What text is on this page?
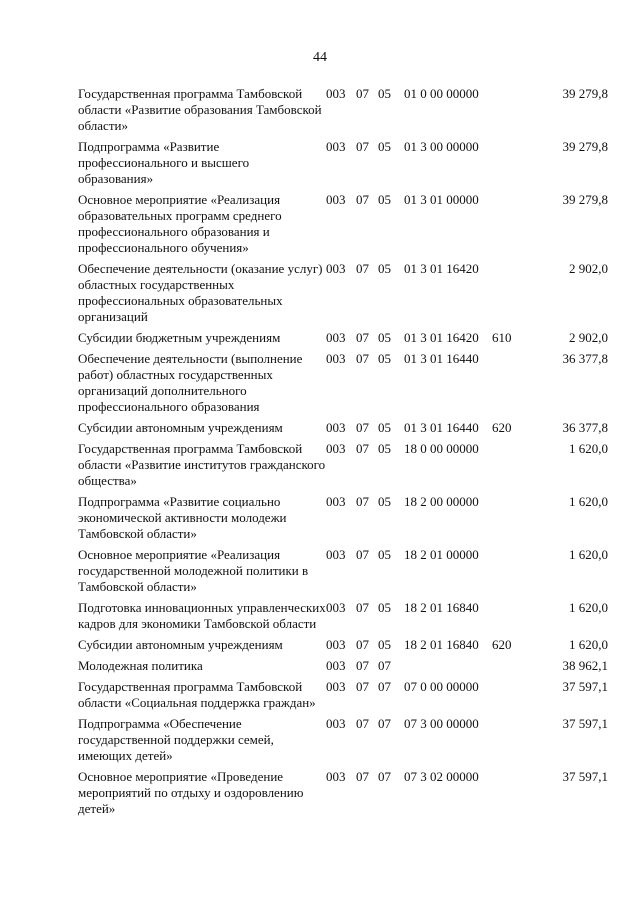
44
Государственная программа Тамбовской области «Развитие образования Тамбовской области»	003	07	05	01 0 00 00000		39 279,8

Подпрограмма «Развитие профессионального и высшего образования»	003	07	05	01 3 00 00000		39 279,8

Основное мероприятие «Реализация образовательных программ среднего профессионального образования и профессионального обучения»	003	07	05	01 3 01 00000		39 279,8

Обеспечение деятельности (оказание услуг) областных государственных профессиональных образовательных организаций	003	07	05	01 3 01 16420		2 902,0

Субсидии бюджетным учреждениям	003	07	05	01 3 01 16420	610	2 902,0

Обеспечение деятельности (выполнение работ) областных государственных организаций дополнительного профессионального образования	003	07	05	01 3 01 16440		36 377,8

Субсидии автономным учреждениям	003	07	05	01 3 01 16440	620	36 377,8

Государственная программа Тамбовской области «Развитие институтов гражданского общества»	003	07	05	18 0 00 00000		1 620,0

Подпрограмма «Развитие социально экономической активности молодежи Тамбовской области»	003	07	05	18 2 00 00000		1 620,0

Основное мероприятие «Реализация государственной молодежной политики в Тамбовской области»	003	07	05	18 2 01 00000		1 620,0

Подготовка инновационных управленческих кадров для экономики Тамбовской области	003	07	05	18 2 01 16840		1 620,0

Субсидии автономным учреждениям	003	07	05	18 2 01 16840	620	1 620,0

Молодежная политика	003	07	07			38 962,1

Государственная программа Тамбовской области «Социальная поддержка граждан»	003	07	07	07 0 00 00000		37 597,1

Подпрограмма «Обеспечение государственной поддержки семей, имеющих детей»	003	07	07	07 3 00 00000		37 597,1

Основное мероприятие «Проведение мероприятий по отдыху и оздоровлению детей»	003	07	07	07 3 02 00000		37 597,1
